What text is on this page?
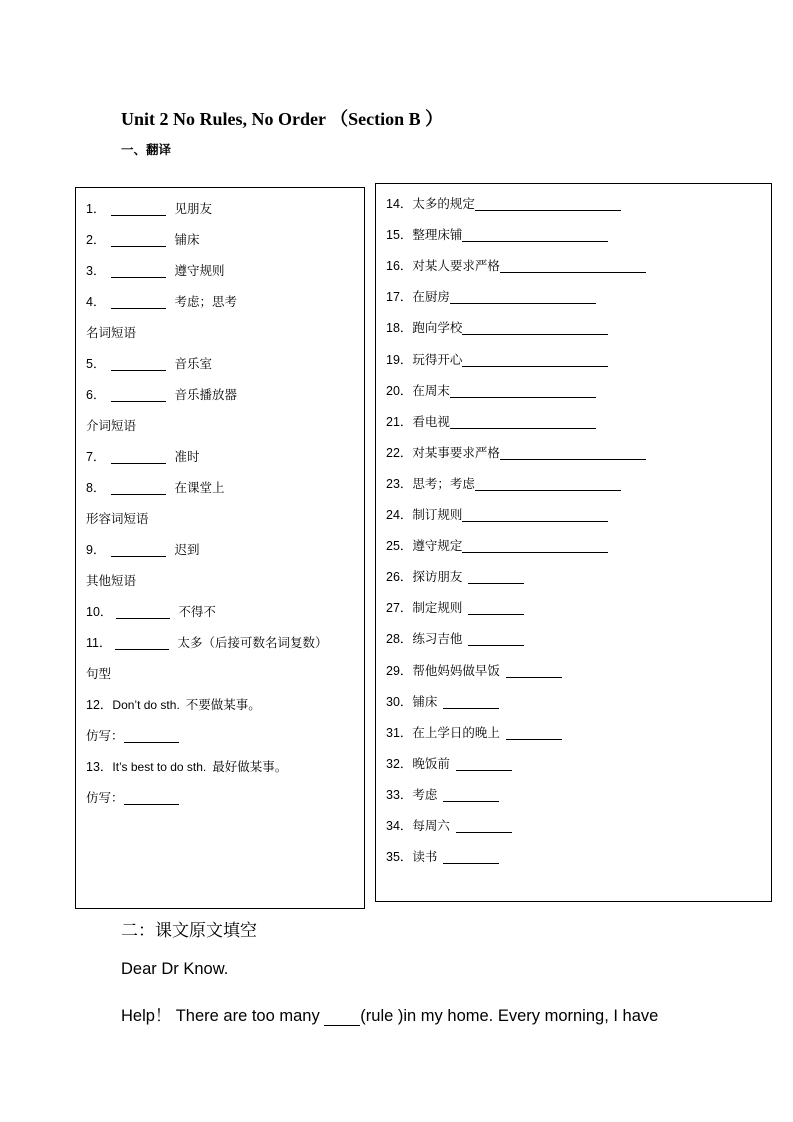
Unit 2 No Rules, No Order （Section B ）
一、翻译
1．	见朋友
2．	铺床
3．	遵守规则
4．	考虑；思考
名词短语
5．	音乐室
6．	音乐播放器
介词短语
7．	准时
8．	在课堂上
形容词短语
9．	迟到
其他短语
10．	不得不
11．	太多（后接可数名词复数）
句型
12． Don’t do sth. 不要做某事。
仿写：
13． It’s best to do sth. 最好做某事。
仿写：
14． 太多的规定
15． 整理床铺
16． 对某人要求严格
17． 在厨房
18． 跑向学校
19． 玩得开心
20． 在周末
21． 看电视
22． 对某事要求严格
23． 思考；考虑
24． 制订规则
25． 遵守规定
26． 探访朋友
27． 制定规则
28． 练习吉他
29． 帮他妈妈做早饭
30． 铺床
31． 在上学日的晚上
32． 晚饭前
33． 考虑
34． 每周六
35． 读书
二：课文原文填空
Dear Dr Know.
Help！ There are too many (rule )in my home. Every morning, I have
